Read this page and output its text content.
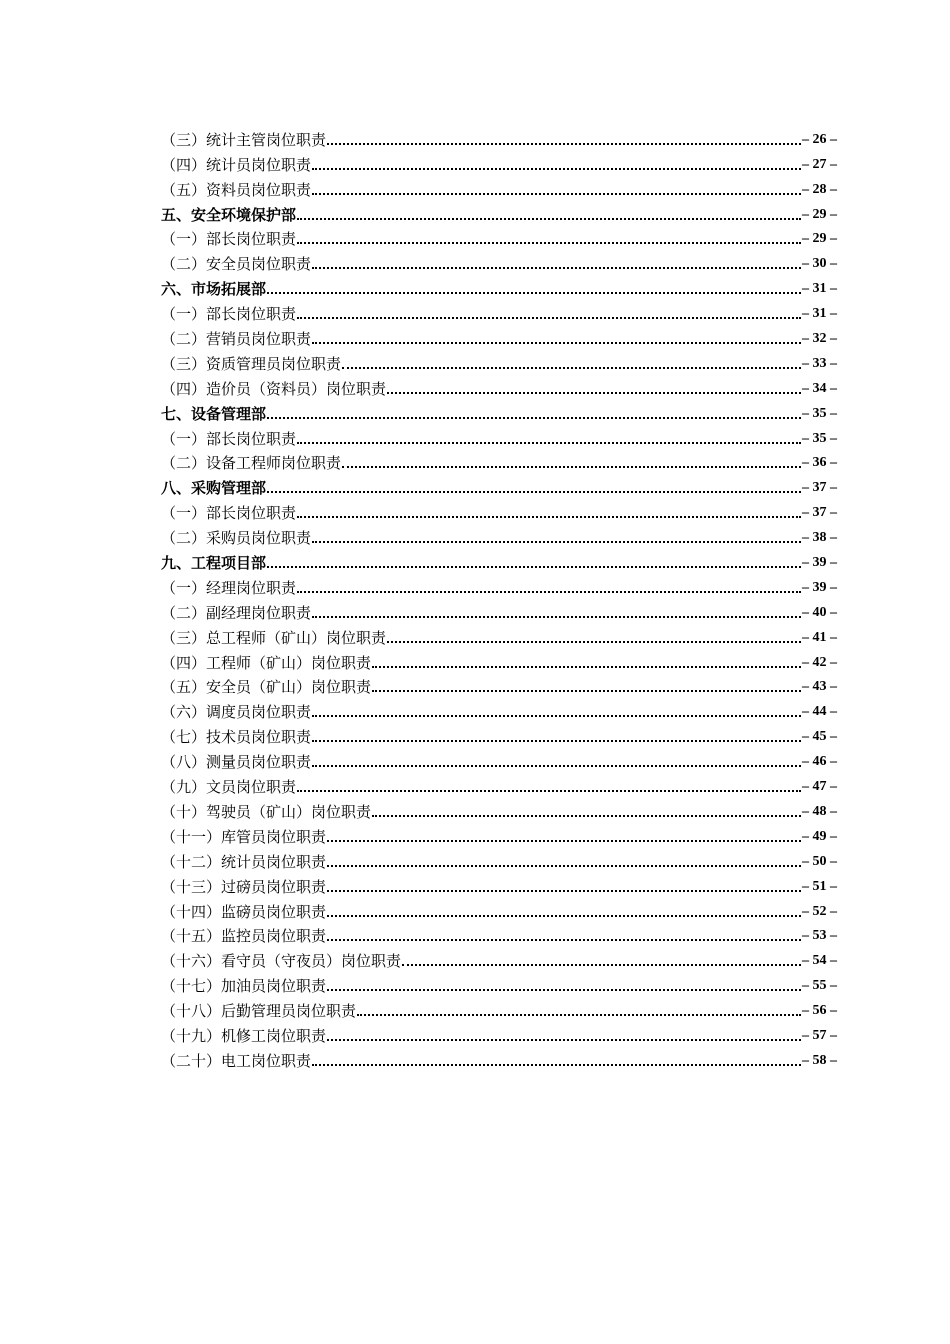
（三）统计主管岗位职责	– 26 –
（四）统计员岗位职责	– 27 –
（五）资料员岗位职责	– 28 –
五、安全环境保护部	– 29 –
（一）部长岗位职责	– 29 –
（二）安全员岗位职责	– 30 –
六、市场拓展部	– 31 –
（一）部长岗位职责	– 31 –
（二）营销员岗位职责	– 32 –
（三）资质管理员岗位职责	– 33 –
（四）造价员（资料员）岗位职责	– 34 –
七、设备管理部	– 35 –
（一）部长岗位职责	– 35 –
（二）设备工程师岗位职责	– 36 –
八、采购管理部	– 37 –
（一）部长岗位职责	– 37 –
（二）采购员岗位职责	– 38 –
九、工程项目部	– 39 –
（一）经理岗位职责	– 39 –
（二）副经理岗位职责	– 40 –
（三）总工程师（矿山）岗位职责	– 41 –
（四）工程师（矿山）岗位职责	– 42 –
（五）安全员（矿山）岗位职责	– 43 –
（六）调度员岗位职责	– 44 –
（七）技术员岗位职责	– 45 –
（八）测量员岗位职责	– 46 –
（九）文员岗位职责	– 47 –
（十）驾驶员（矿山）岗位职责	– 48 –
（十一）库管员岗位职责	– 49 –
（十二）统计员岗位职责	– 50 –
（十三）过磅员岗位职责	– 51 –
（十四）监磅员岗位职责	– 52 –
（十五）监控员岗位职责	– 53 –
（十六）看守员（守夜员）岗位职责	– 54 –
（十七）加油员岗位职责	– 55 –
（十八）后勤管理员岗位职责	– 56 –
（十九）机修工岗位职责	– 57 –
（二十）电工岗位职责	– 58 –
